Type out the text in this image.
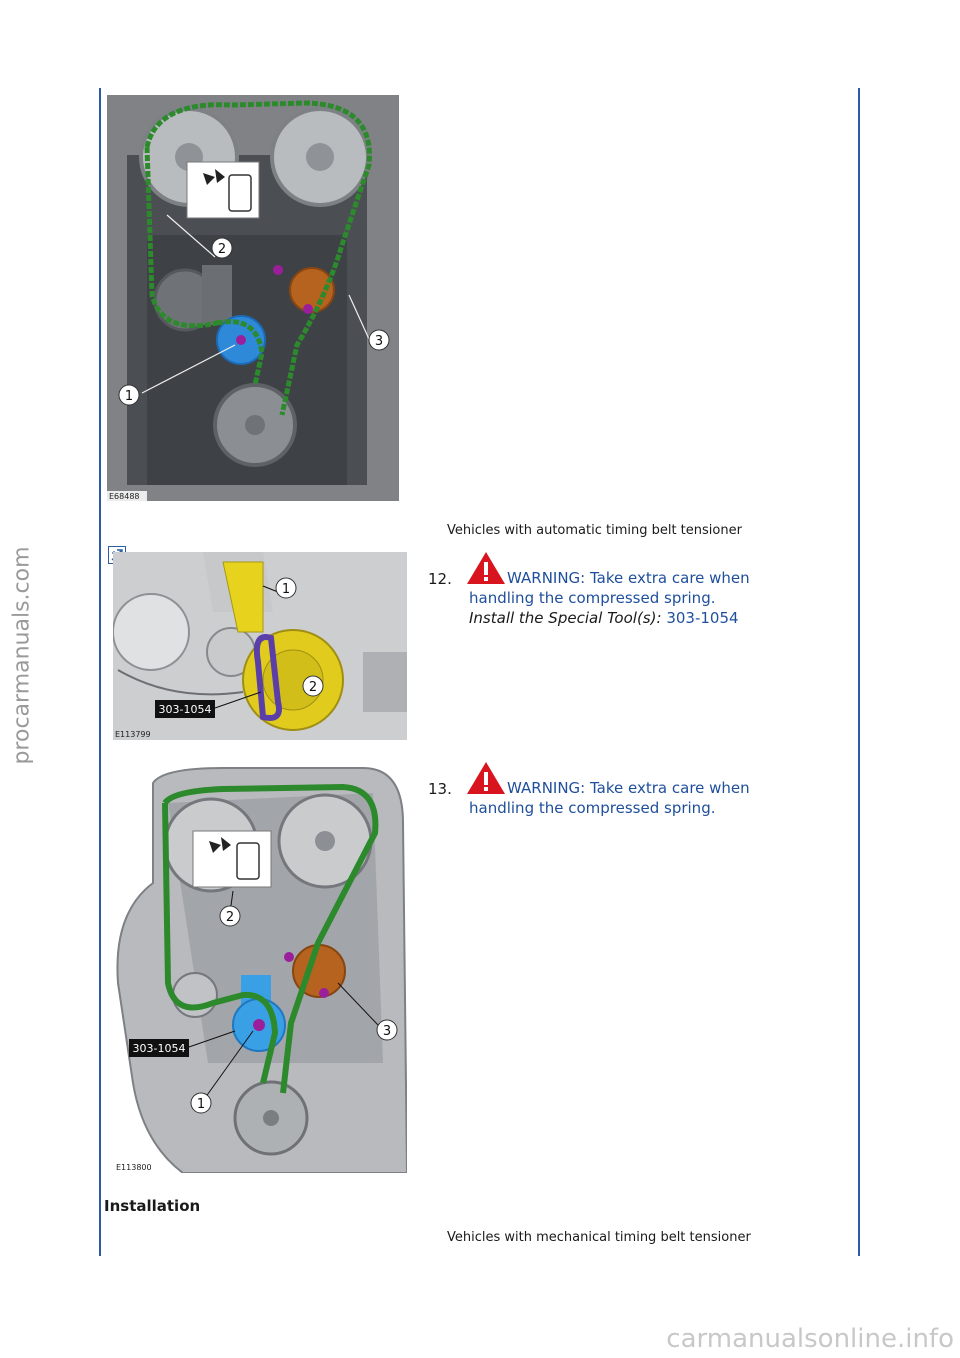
procarmanuals.com
2
3
1
E68488
Vehicles with automatic timing belt tensioner
1
2
303-1054
E113799
12.	WARNING: Take extra care when
handling the compressed spring.
Install the Special Tool(s): 303-1054
2
3
1
303-1054
E113800
13.	WARNING: Take extra care when
handling the compressed spring.
Installation
Vehicles with mechanical timing belt tensioner
carmanualsonline.info
